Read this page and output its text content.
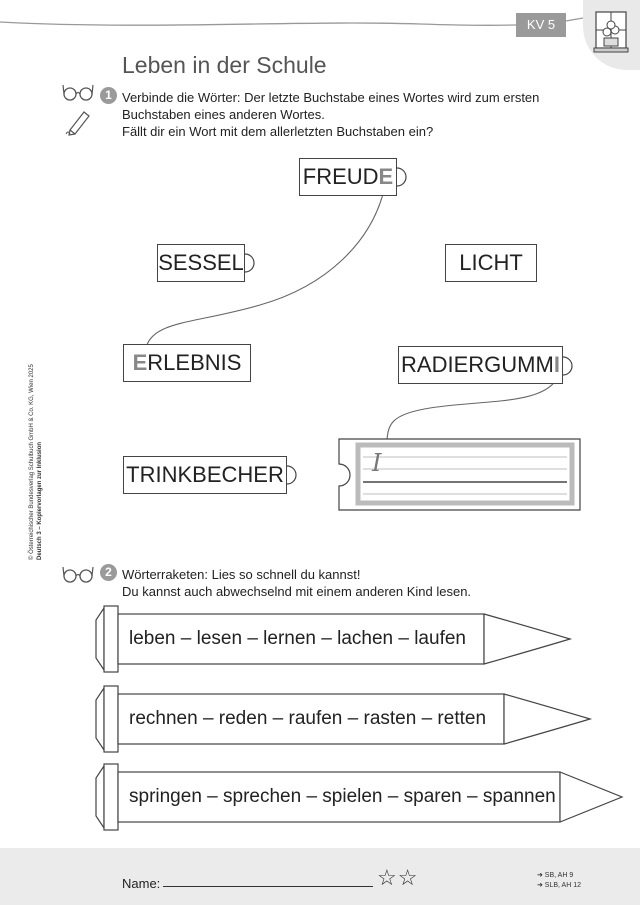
KV 5
Leben in der Schule
1 Verbinde die Wörter: Der letzte Buchstabe eines Wortes wird zum ersten
Buchstaben eines anderen Wortes.
Fällt dir ein Wort mit dem allerletzten Buchstaben ein?
FREUD E
SESSEL	LICHT
E RLEBNIS	RADIERGUMM I
TRINKBECHER	I
© Österreichischer Bundesverlag Schulbuch GmbH & Co. KG, Wien 2025 Deutsch 3 – Kopiervorlagen zur Inklusion
2 Wörterraketen: Lies so schnell du kannst!
Du kannst auch abwechselnd mit einem anderen Kind lesen.
leben – lesen – lernen – lachen – laufen
rechnen – reden – raufen – rasten – retten
springen – sprechen – spielen – sparen – spannen
Name:	☆☆	➜ SB, AH 9
➜ SLB, AH 12
